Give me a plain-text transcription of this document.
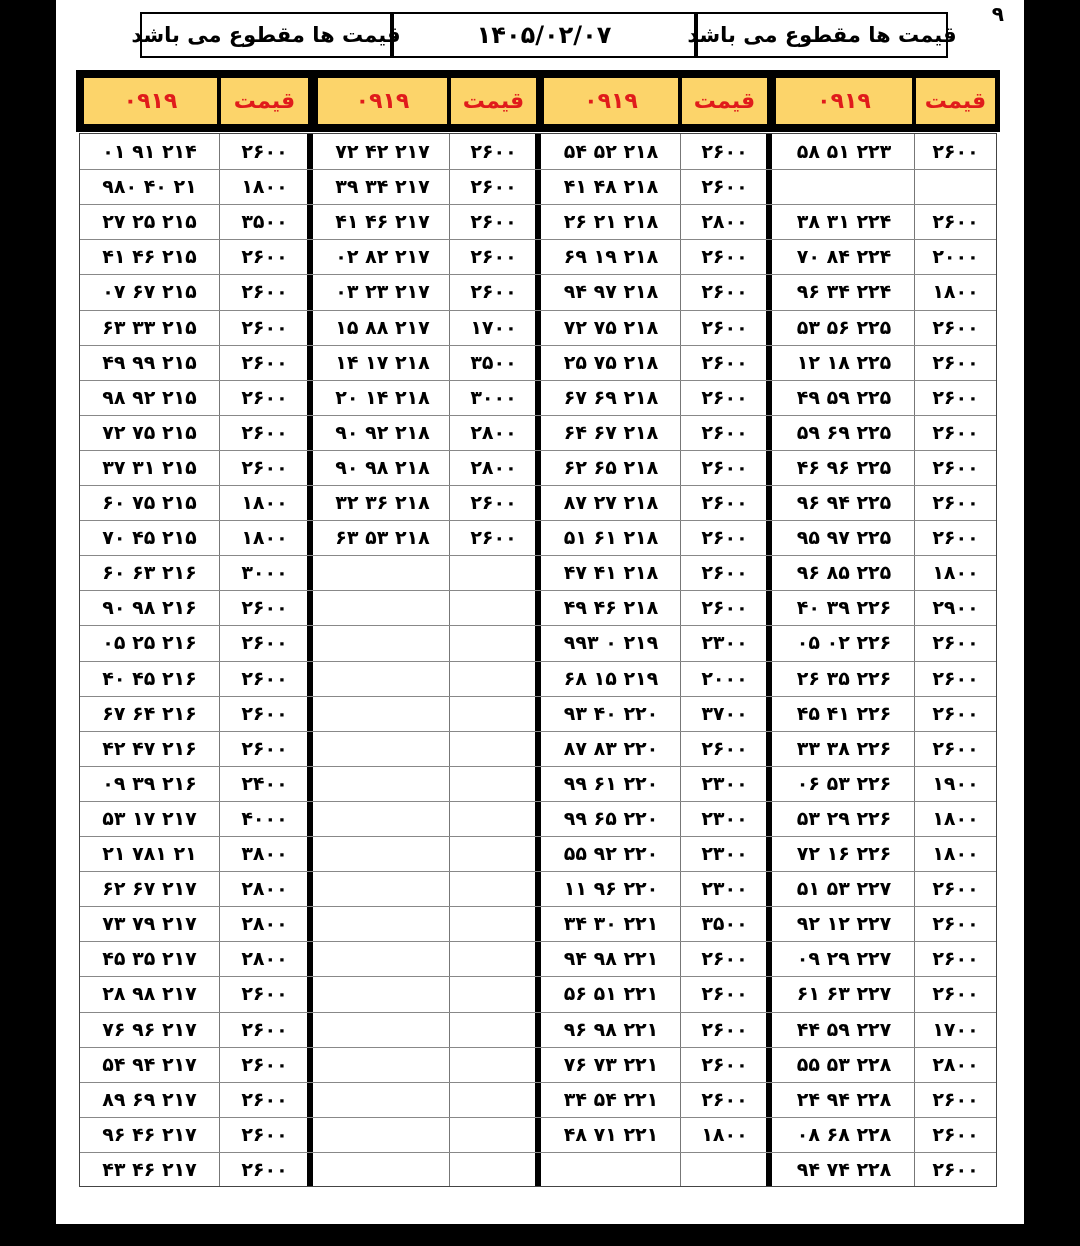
۹
قیمت ها مقطوع می باشد
۱۴۰۵/۰۲/۰۷
قیمت ها مقطوع می باشد
قیمت
۰۹۱۹
قیمت
۰۹۱۹
قیمت
۰۹۱۹
قیمت
۰۹۱۹
۲۶۰۰
۲۲۳ ۵۱ ۵۸
۲۶۰۰
۲۲۴ ۳۱ ۳۸
۲۰۰۰
۲۲۴ ۸۴ ۷۰
۱۸۰۰
۲۲۴ ۳۴ ۹۶
۲۶۰۰
۲۲۵ ۵۶ ۵۳
۲۶۰۰
۲۲۵ ۱۸ ۱۲
۲۶۰۰
۲۲۵ ۵۹ ۴۹
۲۶۰۰
۲۲۵ ۶۹ ۵۹
۲۶۰۰
۲۲۵ ۹۶ ۴۶
۲۶۰۰
۲۲۵ ۹۴ ۹۶
۲۶۰۰
۲۲۵ ۹۷ ۹۵
۱۸۰۰
۲۲۵ ۸۵ ۹۶
۲۹۰۰
۲۲۶ ۳۹ ۴۰
۲۶۰۰
۲۲۶ ۰۲ ۰۵
۲۶۰۰
۲۲۶ ۳۵ ۲۶
۲۶۰۰
۲۲۶ ۴۱ ۴۵
۲۶۰۰
۲۲۶ ۳۸ ۳۳
۱۹۰۰
۲۲۶ ۵۳ ۰۶
۱۸۰۰
۲۲۶ ۲۹ ۵۳
۱۸۰۰
۲۲۶ ۱۶ ۷۲
۲۶۰۰
۲۲۷ ۵۳ ۵۱
۲۶۰۰
۲۲۷ ۱۲ ۹۲
۲۶۰۰
۲۲۷ ۲۹ ۰۹
۲۶۰۰
۲۲۷ ۶۳ ۶۱
۱۷۰۰
۲۲۷ ۵۹ ۴۴
۲۸۰۰
۲۲۸ ۵۳ ۵۵
۲۶۰۰
۲۲۸ ۹۴ ۲۴
۲۶۰۰
۲۲۸ ۶۸ ۰۸
۲۶۰۰
۲۲۸ ۷۴ ۹۴
۲۶۰۰
۲۱۸ ۵۲ ۵۴
۲۶۰۰
۲۱۸ ۴۸ ۴۱
۲۸۰۰
۲۱۸ ۲۱ ۲۶
۲۶۰۰
۲۱۸ ۱۹ ۶۹
۲۶۰۰
۲۱۸ ۹۷ ۹۴
۲۶۰۰
۲۱۸ ۷۵ ۷۲
۲۶۰۰
۲۱۸ ۷۵ ۲۵
۲۶۰۰
۲۱۸ ۶۹ ۶۷
۲۶۰۰
۲۱۸ ۶۷ ۶۴
۲۶۰۰
۲۱۸ ۶۵ ۶۲
۲۶۰۰
۲۱۸ ۲۷ ۸۷
۲۶۰۰
۲۱۸ ۶۱ ۵۱
۲۶۰۰
۲۱۸ ۴۱ ۴۷
۲۶۰۰
۲۱۸ ۴۶ ۴۹
۲۳۰۰
۲۱۹ ۰ ۹۹۳
۲۰۰۰
۲۱۹ ۱۵ ۶۸
۳۷۰۰
۲۲۰ ۴۰ ۹۳
۲۶۰۰
۲۲۰ ۸۳ ۸۷
۲۳۰۰
۲۲۰ ۶۱ ۹۹
۲۳۰۰
۲۲۰ ۶۵ ۹۹
۲۳۰۰
۲۲۰ ۹۲ ۵۵
۲۳۰۰
۲۲۰ ۹۶ ۱۱
۳۵۰۰
۲۲۱ ۳۰ ۳۴
۲۶۰۰
۲۲۱ ۹۸ ۹۴
۲۶۰۰
۲۲۱ ۵۱ ۵۶
۲۶۰۰
۲۲۱ ۹۸ ۹۶
۲۶۰۰
۲۲۱ ۷۳ ۷۶
۲۶۰۰
۲۲۱ ۵۴ ۳۴
۱۸۰۰
۲۲۱ ۷۱ ۴۸
۲۶۰۰
۲۱۷ ۴۲ ۷۲
۲۶۰۰
۲۱۷ ۳۴ ۳۹
۲۶۰۰
۲۱۷ ۴۶ ۴۱
۲۶۰۰
۲۱۷ ۸۲ ۰۲
۲۶۰۰
۲۱۷ ۲۳ ۰۳
۱۷۰۰
۲۱۷ ۸۸ ۱۵
۳۵۰۰
۲۱۸ ۱۷ ۱۴
۳۰۰۰
۲۱۸ ۱۴ ۲۰
۲۸۰۰
۲۱۸ ۹۲ ۹۰
۲۸۰۰
۲۱۸ ۹۸ ۹۰
۲۶۰۰
۲۱۸ ۳۶ ۳۲
۲۶۰۰
۲۱۸ ۵۳ ۶۳
۲۶۰۰
۲۱۴ ۹۱ ۰۱
۱۸۰۰
۲۱ ۴۰ ۹۸۰
۳۵۰۰
۲۱۵ ۲۵ ۲۷
۲۶۰۰
۲۱۵ ۴۶ ۴۱
۲۶۰۰
۲۱۵ ۶۷ ۰۷
۲۶۰۰
۲۱۵ ۳۳ ۶۳
۲۶۰۰
۲۱۵ ۹۹ ۴۹
۲۶۰۰
۲۱۵ ۹۲ ۹۸
۲۶۰۰
۲۱۵ ۷۵ ۷۲
۲۶۰۰
۲۱۵ ۳۱ ۳۷
۱۸۰۰
۲۱۵ ۷۵ ۶۰
۱۸۰۰
۲۱۵ ۴۵ ۷۰
۳۰۰۰
۲۱۶ ۶۳ ۶۰
۲۶۰۰
۲۱۶ ۹۸ ۹۰
۲۶۰۰
۲۱۶ ۲۵ ۰۵
۲۶۰۰
۲۱۶ ۴۵ ۴۰
۲۶۰۰
۲۱۶ ۶۴ ۶۷
۲۶۰۰
۲۱۶ ۴۷ ۴۲
۲۴۰۰
۲۱۶ ۳۹ ۰۹
۴۰۰۰
۲۱۷ ۱۷ ۵۳
۳۸۰۰
۲۱ ۷۸۱ ۲۱
۲۸۰۰
۲۱۷ ۶۷ ۶۲
۲۸۰۰
۲۱۷ ۷۹ ۷۳
۲۸۰۰
۲۱۷ ۳۵ ۴۵
۲۶۰۰
۲۱۷ ۹۸ ۲۸
۲۶۰۰
۲۱۷ ۹۶ ۷۶
۲۶۰۰
۲۱۷ ۹۴ ۵۴
۲۶۰۰
۲۱۷ ۶۹ ۸۹
۲۶۰۰
۲۱۷ ۴۶ ۹۶
۲۶۰۰
۲۱۷ ۴۶ ۴۳
